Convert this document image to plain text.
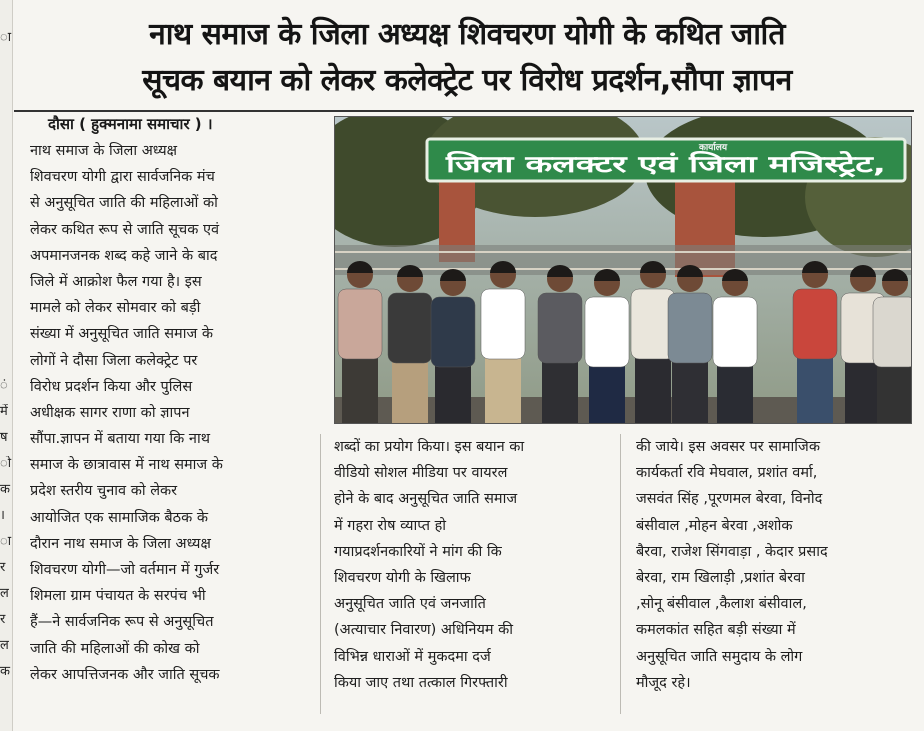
ा
ं
में
ष
ो
क
।
ा
र
ल
र
ल
क
नाथ समाज के जिला अध्यक्ष शिवचरण योगी के कथित जाति
सूचक बयान को लेकर कलेक्ट्रेट पर विरोध प्रदर्शन,सौपा ज्ञापन
दौसा ( हुक्मनामा समाचार ) ।
नाथ समाज के जिला अध्यक्ष
शिवचरण योगी द्वारा सार्वजनिक मंच
से अनुसूचित जाति की महिलाओं को
लेकर कथित रूप से जाति सूचक एवं
अपमानजनक शब्द कहे जाने के बाद
जिले में आक्रोश फैल गया है। इस
मामले को लेकर सोमवार को बड़ी
संख्या में अनुसूचित जाति समाज के
लोगों ने दौसा जिला कलेक्ट्रेट पर
विरोध प्रदर्शन किया और पुलिस
अधीक्षक सागर राणा को ज्ञापन
सौंपा.ज्ञापन में बताया गया कि नाथ
समाज के छात्रावास में नाथ समाज के
प्रदेश स्तरीय चुनाव को लेकर
आयोजित एक सामाजिक बैठक के
दौरान नाथ समाज के जिला अध्यक्ष
शिवचरण योगी—जो वर्तमान में गुर्जर
शिमला ग्राम पंचायत के सरपंच भी
हैं—ने सार्वजनिक रूप से अनुसूचित
जाति की महिलाओं की कोख को
लेकर आपत्तिजनक और जाति सूचक
कार्यालय
जिला कलक्टर एवं जिला मजिस्ट्रेट,
शब्दों का प्रयोग किया। इस बयान का
वीडियो सोशल मीडिया पर वायरल
होने के बाद अनुसूचित जाति समाज
में गहरा रोष व्याप्त हो
गयाप्रदर्शनकारियों ने मांग की कि
शिवचरण योगी के खिलाफ
अनुसूचित जाति एवं जनजाति
(अत्याचार निवारण) अधिनियम की
विभिन्न धाराओं में मुकदमा दर्ज
किया जाए तथा तत्काल गिरफ्तारी
की जाये। इस अवसर पर सामाजिक
कार्यकर्ता रवि मेघवाल, प्रशांत वर्मा,
जसवंत सिंह ,पूरणमल बेरवा, विनोद
बंसीवाल ,मोहन बेरवा ,अशोक
बैरवा, राजेश सिंगवाड़ा , केदार प्रसाद
बेरवा, राम खिलाड़ी ,प्रशांत बेरवा
,सोनू बंसीवाल ,कैलाश बंसीवाल,
कमलकांत सहित बड़ी संख्या में
अनुसूचित जाति समुदाय के लोग
मौजूद रहे।
